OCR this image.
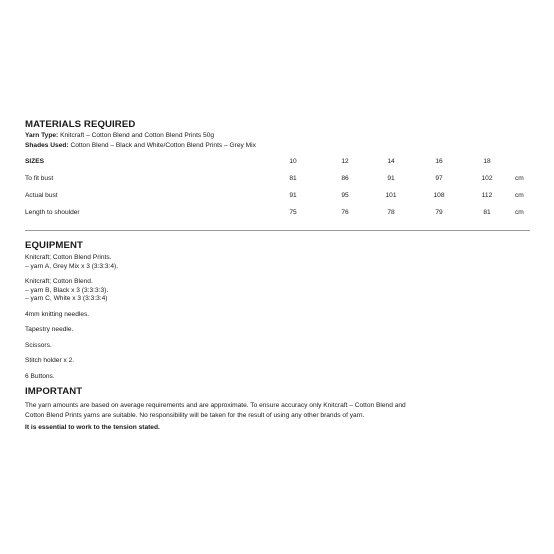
MATERIALS REQUIRED

Yarn Type: Knitcraft – Cotton Blend and Cotton Blend Prints 50g
Shades Used: Cotton Blend – Black and White/Cotton Blend Prints – Grey Mix
SIZES	10	12	14	16	18
To fit bust	81	86	91	97	102	cm
Actual bust	91	95	101	108	112	cm
Length to shoulder	75	76	78	79	81	cm

EQUIPMENT

Knitcraft; Cotton Blend Prints.
– yarn A, Grey Mix x 3 (3:3:3:4).
Knitcraft; Cotton Blend.
– yarn B, Black x 3 (3:3:3:3).
– yarn C, White x 3 (3:3:3:4)
4mm knitting needles.
Tapestry needle.
Scissors.
Stitch holder x 2.
6 Buttons.

IMPORTANT

The yarn amounts are based on average requirements and are approximate. To ensure accuracy only Knitcraft – Cotton Blend and

Cotton Blend Prints yarns are suitable. No responsibility will be taken for the result of using any other brands of yarn.

It is essential to work to the tension stated.
